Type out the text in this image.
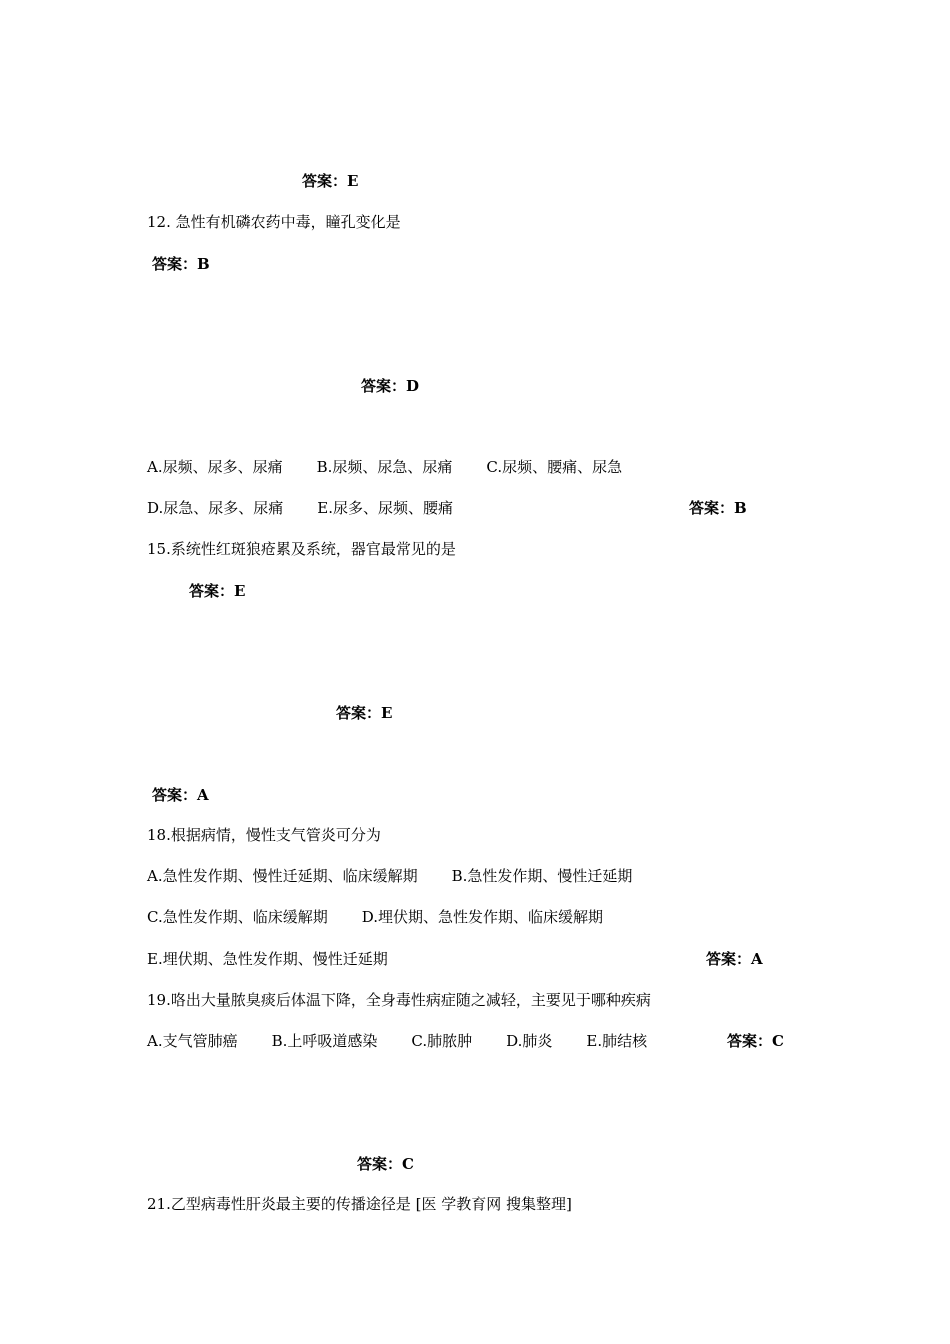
答案：E
12. 急性有机磷农药中毒，瞳孔变化是
答案：B
答案：D
A.尿频、尿多、尿痛 B.尿频、尿急、尿痛 C.尿频、腰痛、尿急
D.尿急、尿多、尿痛 E.尿多、尿频、腰痛	答案：B
15.系统性红斑狼疮累及系统，器官最常见的是
答案：E
答案：E
答案：A
18.根据病情，慢性支气管炎可分为
A.急性发作期、慢性迁延期、临床缓解期 B.急性发作期、慢性迁延期
C.急性发作期、临床缓解期 D.埋伏期、急性发作期、临床缓解期
E.埋伏期、急性发作期、慢性迁延期	答案：A
19.咯出大量脓臭痰后体温下降，全身毒性病症随之减轻，主要见于哪种疾病
A.支气管肺癌 B.上呼吸道感染 C.肺脓肿 D.肺炎 E.肺结核	答案：C
答案：C
21.乙型病毒性肝炎最主要的传播途径是 [医 学教育网 搜集整理]
